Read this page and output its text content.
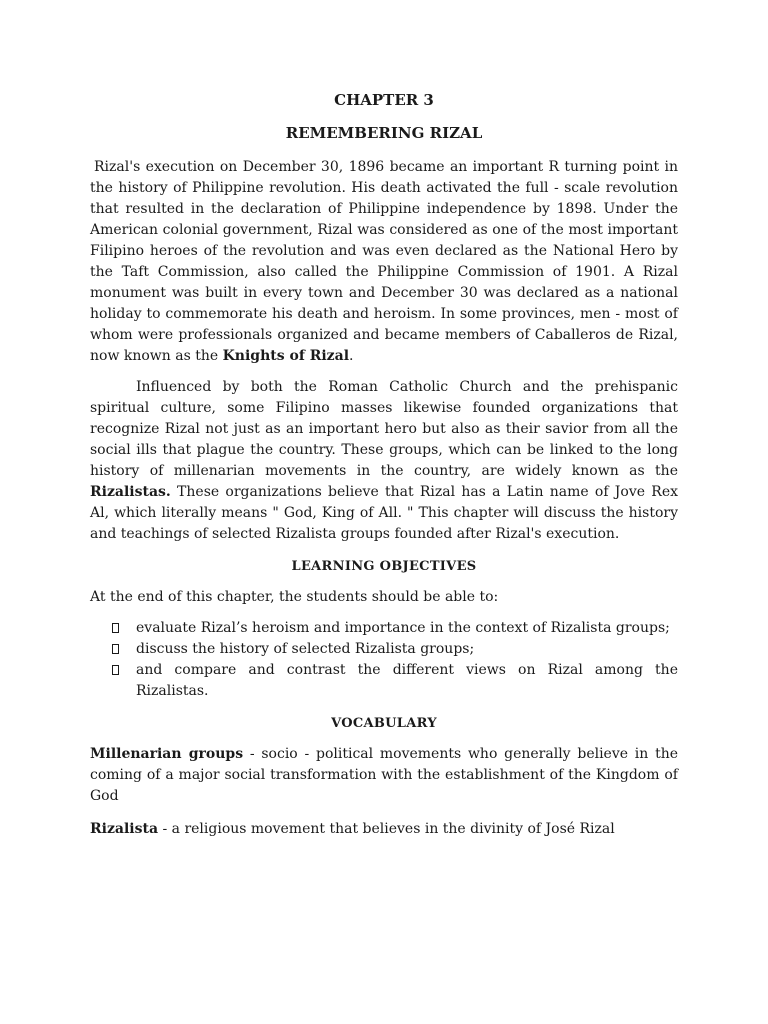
CHAPTER 3
REMEMBERING RIZAL

Rizal's execution on December 30, 1896 became an important R turning point in the history of Philippine revolution. His death activated the full - scale revolution that resulted in the declaration of Philippine independence by 1898. Under the American colonial government, Rizal was considered as one of the most important Filipino heroes of the revolution and was even declared as the National Hero by the Taft Commission, also called the Philippine Commission of 1901. A Rizal monument was built in every town and December 30 was declared as a national holiday to commemorate his death and heroism. In some provinces, men - most of whom were professionals organized and became members of Caballeros de Rizal, now known as the Knights of Rizal.

Influenced by both the Roman Catholic Church and the prehispanic spiritual culture, some Filipino masses likewise founded organizations that recognize Rizal not just as an important hero but also as their savior from all the social ills that plague the country. These groups, which can be linked to the long history of millenarian movements in the country, are widely known as the Rizalistas. These organizations believe that Rizal has a Latin name of Jove Rex Al, which literally means " God, King of All. " This chapter will discuss the history and teachings of selected Rizalista groups founded after Rizal's execution.

LEARNING OBJECTIVES

At the end of this chapter, the students should be able to:

evaluate Rizal’s heroism and importance in the context of Rizalista groups;
discuss the history of selected Rizalista groups;
and compare and contrast the different views on Rizal among the Rizalistas.
VOCABULARY

Millenarian groups - socio - political movements who generally believe in the coming of a major social transformation with the establishment of the Kingdom of God

Rizalista - a religious movement that believes in the divinity of José Rizal
